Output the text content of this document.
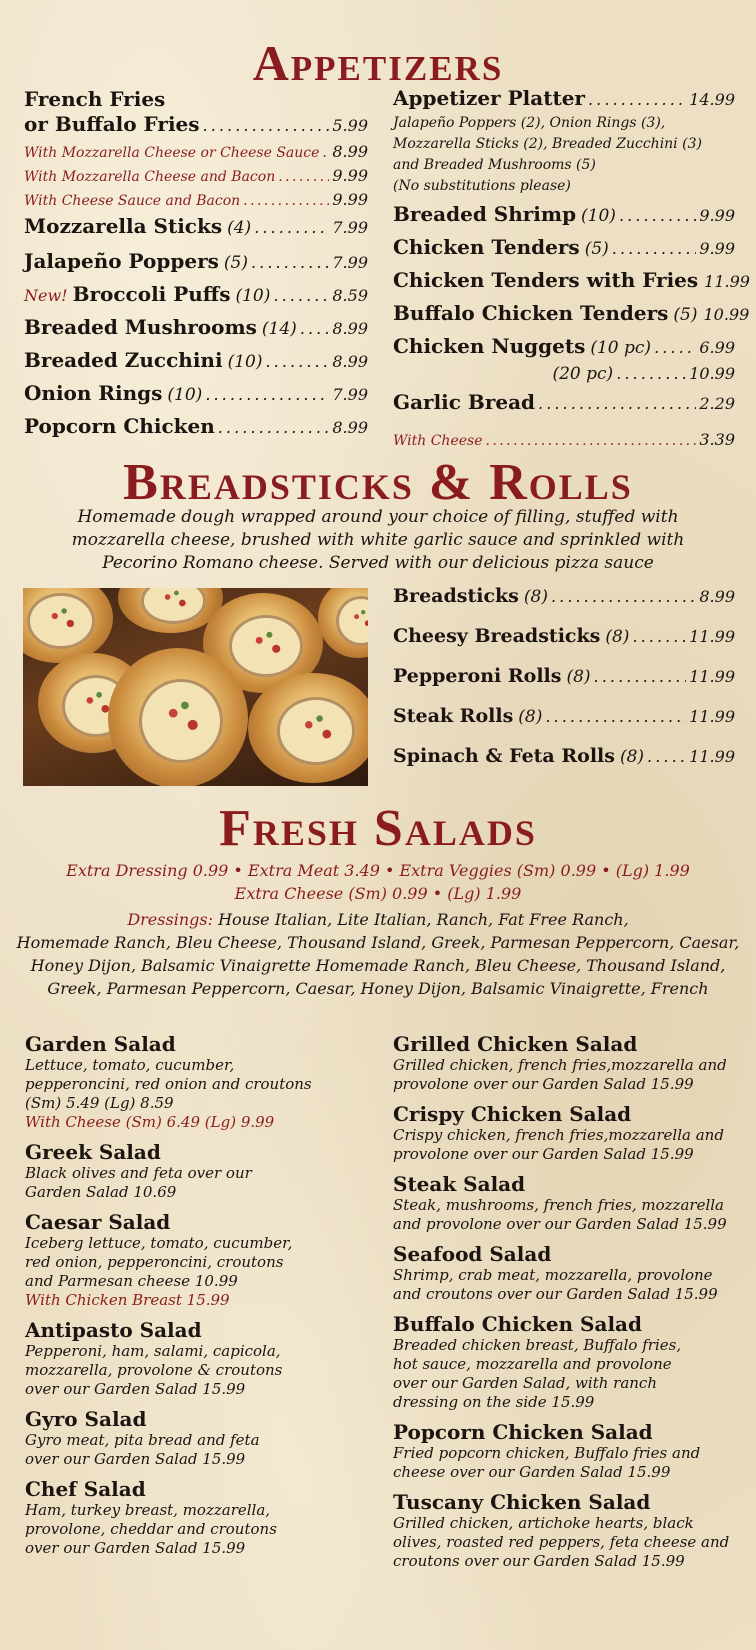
Appetizers
French Fries
or Buffalo Fries . . .	5.99
With Mozzarella Cheese or Cheese Sauce . . . 8.99
With Mozzarella Cheese and Bacon . . .	9.99
With Cheese Sauce and Bacon . . .	9.99
Mozzarella Sticks (4) . . .	7.99
Jalapeño Poppers (5) . . .	7.99
New! Broccoli Puffs (10) . . .	8.59
Breaded Mushrooms (14) . . . 8.99
Breaded Zucchini (10) . . .	8.99
Onion Rings (10) . . .	7.99
Popcorn Chicken . . .	8.99
Appetizer Platter . . .	14.99
Jalapeño Poppers (2), Onion Rings (3),
Mozzarella Sticks (2), Breaded Zucchini (3)
and Breaded Mushrooms (5)
(No substitutions please)
Breaded Shrimp (10) . . .	9.99
Chicken Tenders (5) . . .	9.99
Chicken Tenders with Fries 11.99
Buffalo Chicken Tenders (5) 10.99
Chicken Nuggets (10 pc) . . .	6.99
(20 pc) . . .	10.99
Garlic Bread . . .	2.29
With Cheese . . .	3.39
Breadsticks & Rolls
Homemade dough wrapped around your choice of filling, stuffed with
mozzarella cheese, brushed with white garlic sauce and sprinkled with
Pecorino Romano cheese. Served with our delicious pizza sauce
Breadsticks (8) . . .	8.99
Cheesy Breadsticks (8) . . .	11.99
Pepperoni Rolls (8) . . .	11.99
Steak Rolls (8) . . .	11.99
Spinach & Feta Rolls (8) . . .	11.99
Fresh Salads
Extra Dressing 0.99 • Extra Meat 3.49 • Extra Veggies (Sm) 0.99 • (Lg) 1.99
Extra Cheese (Sm) 0.99 • (Lg) 1.99
Dressings: House Italian, Lite Italian, Ranch, Fat Free Ranch,
Homemade Ranch, Bleu Cheese, Thousand Island, Greek, Parmesan Peppercorn, Caesar,
Honey Dijon, Balsamic Vinaigrette Homemade Ranch, Bleu Cheese, Thousand Island,
Greek, Parmesan Peppercorn, Caesar, Honey Dijon, Balsamic Vinaigrette, French
Garden Salad
Lettuce, tomato, cucumber,
pepperoncini, red onion and croutons
(Sm) 5.49 (Lg) 8.59
With Cheese (Sm) 6.49 (Lg) 9.99
Greek Salad
Black olives and feta over our
Garden Salad 10.69
Caesar Salad
Iceberg lettuce, tomato, cucumber,
red onion, pepperoncini, croutons
and Parmesan cheese 10.99
With Chicken Breast 15.99
Antipasto Salad
Pepperoni, ham, salami, capicola,
mozzarella, provolone & croutons
over our Garden Salad 15.99
Gyro Salad
Gyro meat, pita bread and feta
over our Garden Salad 15.99
Chef Salad
Ham, turkey breast, mozzarella,
provolone, cheddar and croutons
over our Garden Salad 15.99
Grilled Chicken Salad
Grilled chicken, french fries,mozzarella and
provolone over our Garden Salad 15.99
Crispy Chicken Salad
Crispy chicken, french fries,mozzarella and
provolone over our Garden Salad 15.99
Steak Salad
Steak, mushrooms, french fries, mozzarella
and provolone over our Garden Salad 15.99
Seafood Salad
Shrimp, crab meat, mozzarella, provolone
and croutons over our Garden Salad 15.99
Buffalo Chicken Salad
Breaded chicken breast, Buffalo fries,
hot sauce, mozzarella and provolone
over our Garden Salad, with ranch
dressing on the side 15.99
Popcorn Chicken Salad
Fried popcorn chicken, Buffalo fries and
cheese over our Garden Salad 15.99
Tuscany Chicken Salad
Grilled chicken, artichoke hearts, black
olives, roasted red peppers, feta cheese and
croutons over our Garden Salad 15.99
